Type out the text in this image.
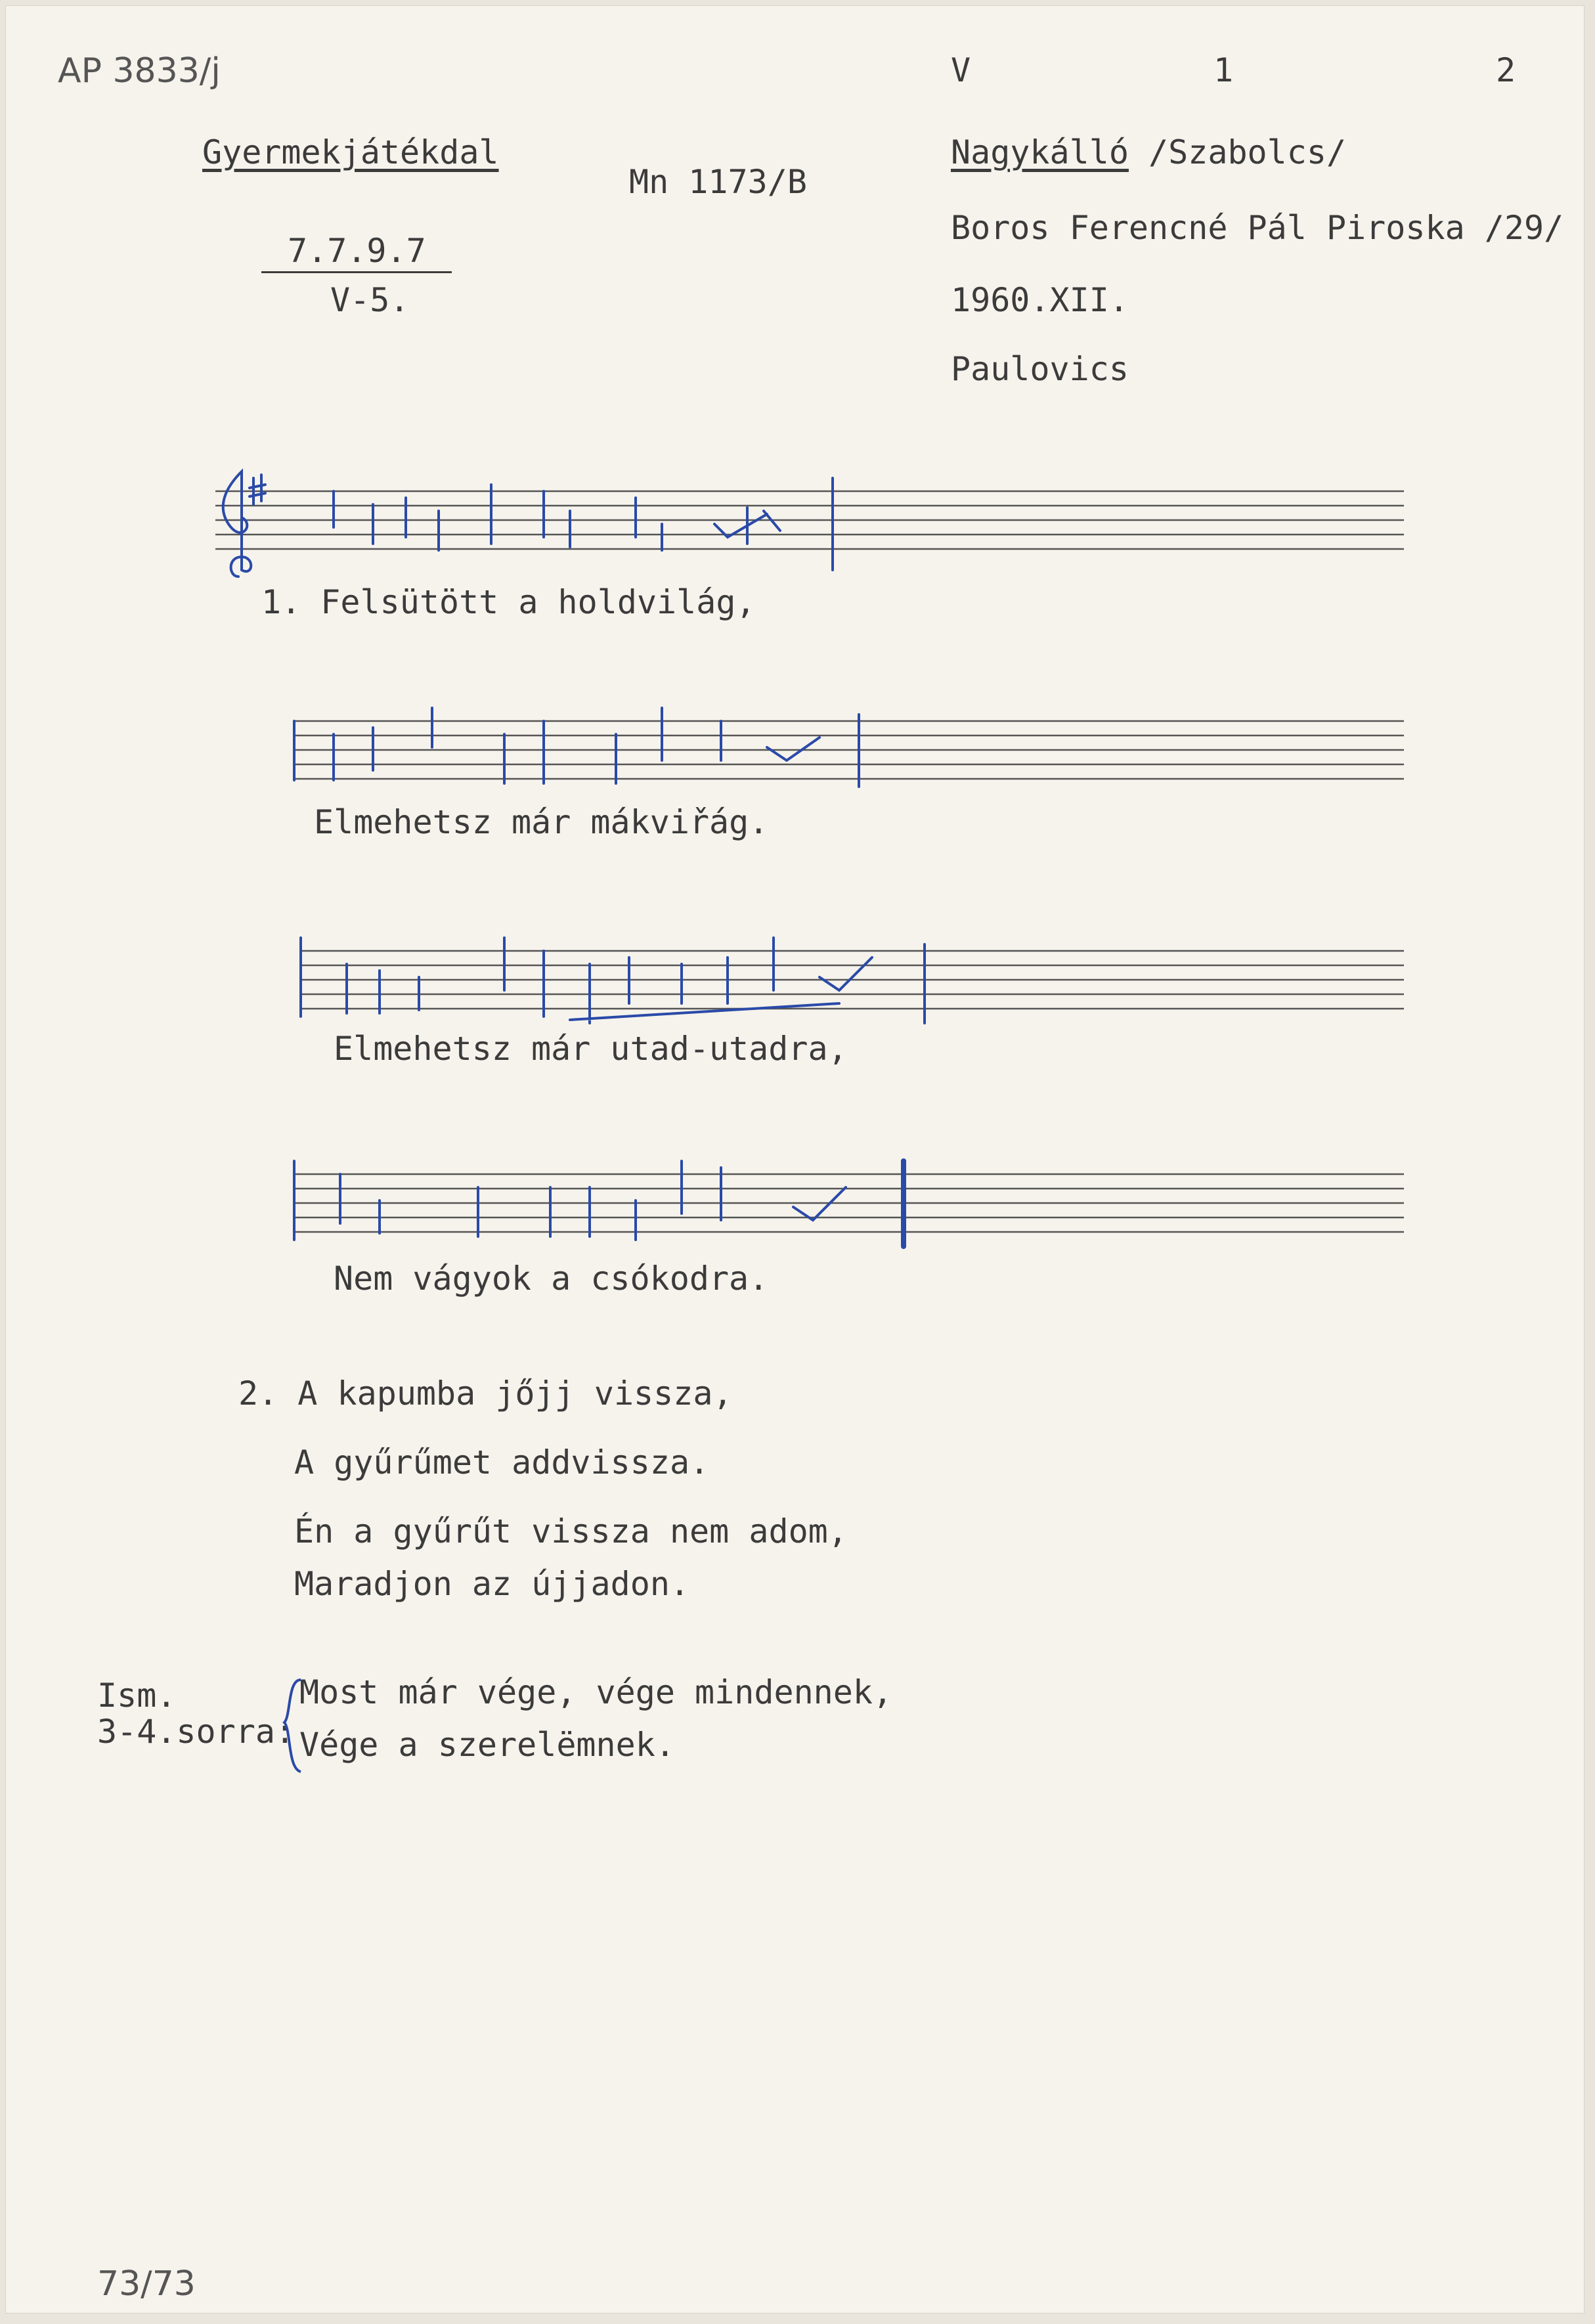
AP 3833/j	V	1	2
Gyermekjátékdal
Mn 1173/B
7.7.9.7
V-5.
Nagykálló /Szabolcs/
Boros Ferencné Pál Piroska /29/
1960.XII.
Paulovics
1. Felsütött a holdvilág,
Elmehetsz már mákviřág.
Elmehetsz már utad-utadra,
Nem vágyok a csókodra.
2. A kapumba jőjj vissza,
A gyűrűmet addvissza.
Én a gyűrűt vissza nem adom,
Maradjon az újjadon.
Ism.
3-4.sorra:
Most már vége, vége mindennek,
Vége a szerelëmnek.
73/73
